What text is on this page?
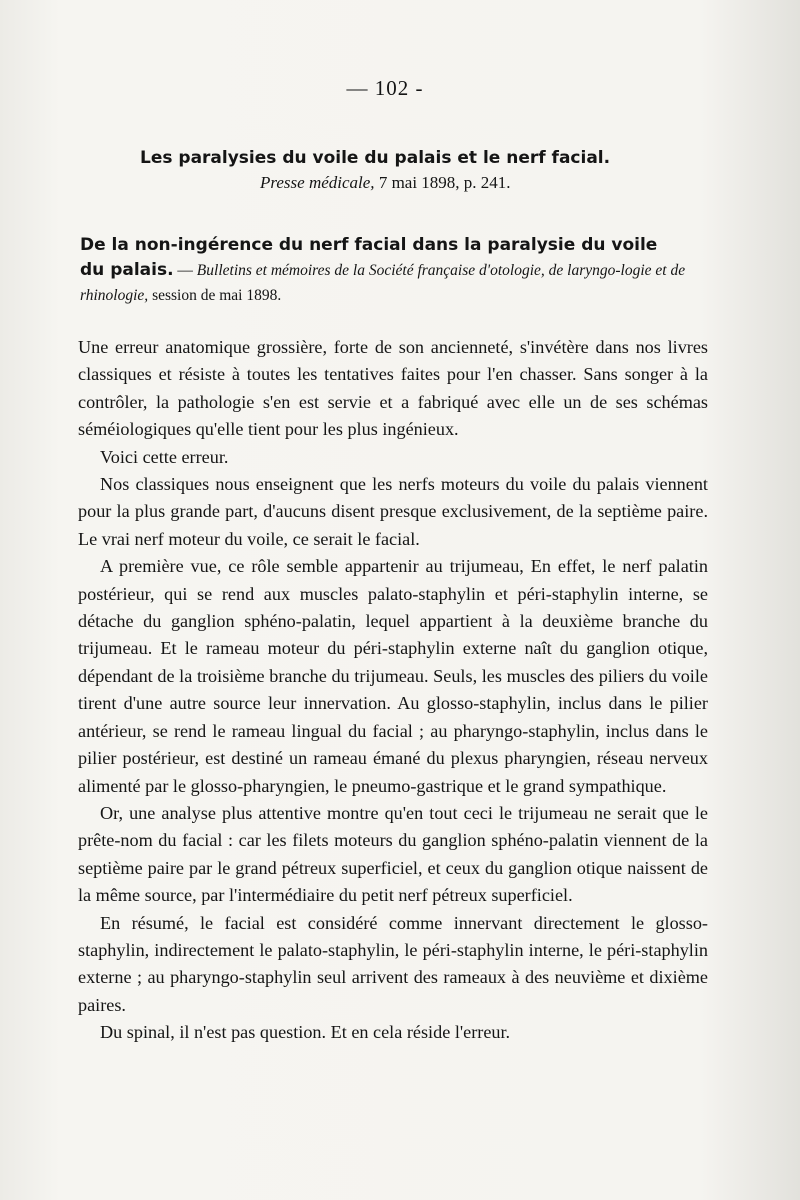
— 102 -
Les paralysies du voile du palais et le nerf facial.
Presse médicale, 7 mai 1898, p. 241.
De la non-ingérence du nerf facial dans la paralysie du voile
du palais. — Bulletins et mémoires de la Société française d'otologie, de laryngo-logie et de rhinologie, session de mai 1898.

Une erreur anatomique grossière, forte de son ancienneté, s'invétère dans nos livres classiques et résiste à toutes les tentatives faites pour l'en chasser. Sans songer à la contrôler, la pathologie s'en est servie et a fabriqué avec elle un de ses schémas séméiologiques qu'elle tient pour les plus ingénieux.

Voici cette erreur.

Nos classiques nous enseignent que les nerfs moteurs du voile du palais viennent pour la plus grande part, d'aucuns disent presque exclusivement, de la septième paire. Le vrai nerf moteur du voile, ce serait le facial.

A première vue, ce rôle semble appartenir au trijumeau, En effet, le nerf palatin postérieur, qui se rend aux muscles palato-staphylin et péri-staphylin interne, se détache du ganglion sphéno-palatin, lequel appartient à la deuxième branche du trijumeau. Et le rameau moteur du péri-staphylin externe naît du ganglion otique, dépendant de la troisième branche du trijumeau. Seuls, les muscles des piliers du voile tirent d'une autre source leur innervation. Au glosso-staphylin, inclus dans le pilier antérieur, se rend le rameau lingual du facial ; au pharyngo-staphylin, inclus dans le pilier postérieur, est destiné un rameau émané du plexus pharyngien, réseau nerveux alimenté par le glosso-pharyngien, le pneumo-gastrique et le grand sympathique.

Or, une analyse plus attentive montre qu'en tout ceci le trijumeau ne serait que le prête-nom du facial : car les filets moteurs du ganglion sphéno-palatin viennent de la septième paire par le grand pétreux superficiel, et ceux du ganglion otique naissent de la même source, par l'intermédiaire du petit nerf pétreux superficiel.

En résumé, le facial est considéré comme innervant directement le glosso-staphylin, indirectement le palato-staphylin, le péri-staphylin interne, le péri-staphylin externe ; au pharyngo-staphylin seul arrivent des rameaux à des neuvième et dixième paires.

Du spinal, il n'est pas question. Et en cela réside l'erreur.
